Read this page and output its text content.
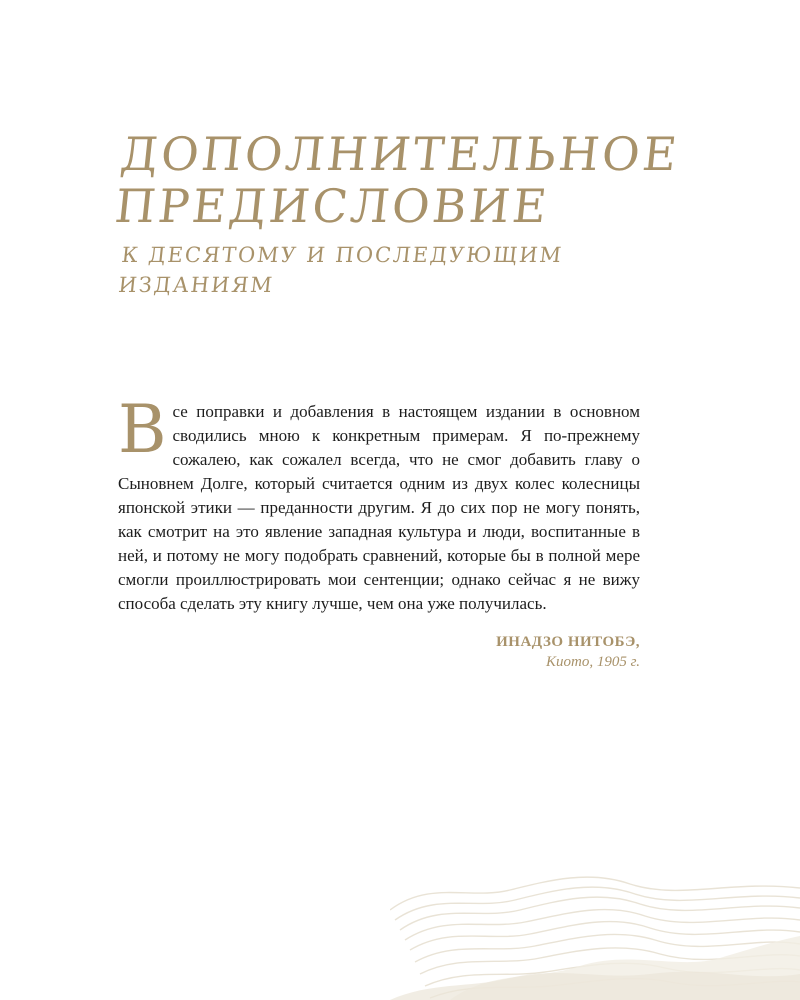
ДОПОЛНИТЕЛЬНОЕ
ПРЕДИСЛОВИЕ
К ДЕСЯТОМУ И ПОСЛЕДУЮЩИМ
ИЗДАНИЯМ

Все поправки и добавления в настоящем издании в основном сводились мною к конкретным примерам. Я по-прежнему сожалею, как сожалел всегда, что не смог добавить главу о Сыновнем Долге, который считается одним из двух колес колесницы японской этики — преданности другим. Я до сих пор не могу понять, как смотрит на это явление западная культура и люди, воспитанные в ней, и потому не могу подобрать сравнений, которые бы в полной мере смогли проиллюстрировать мои сентенции; однако сейчас я не вижу способа сделать эту книгу лучше, чем она уже получилась.

ИНАДЗО НИТОБЭ,
Киото, 1905 г.
